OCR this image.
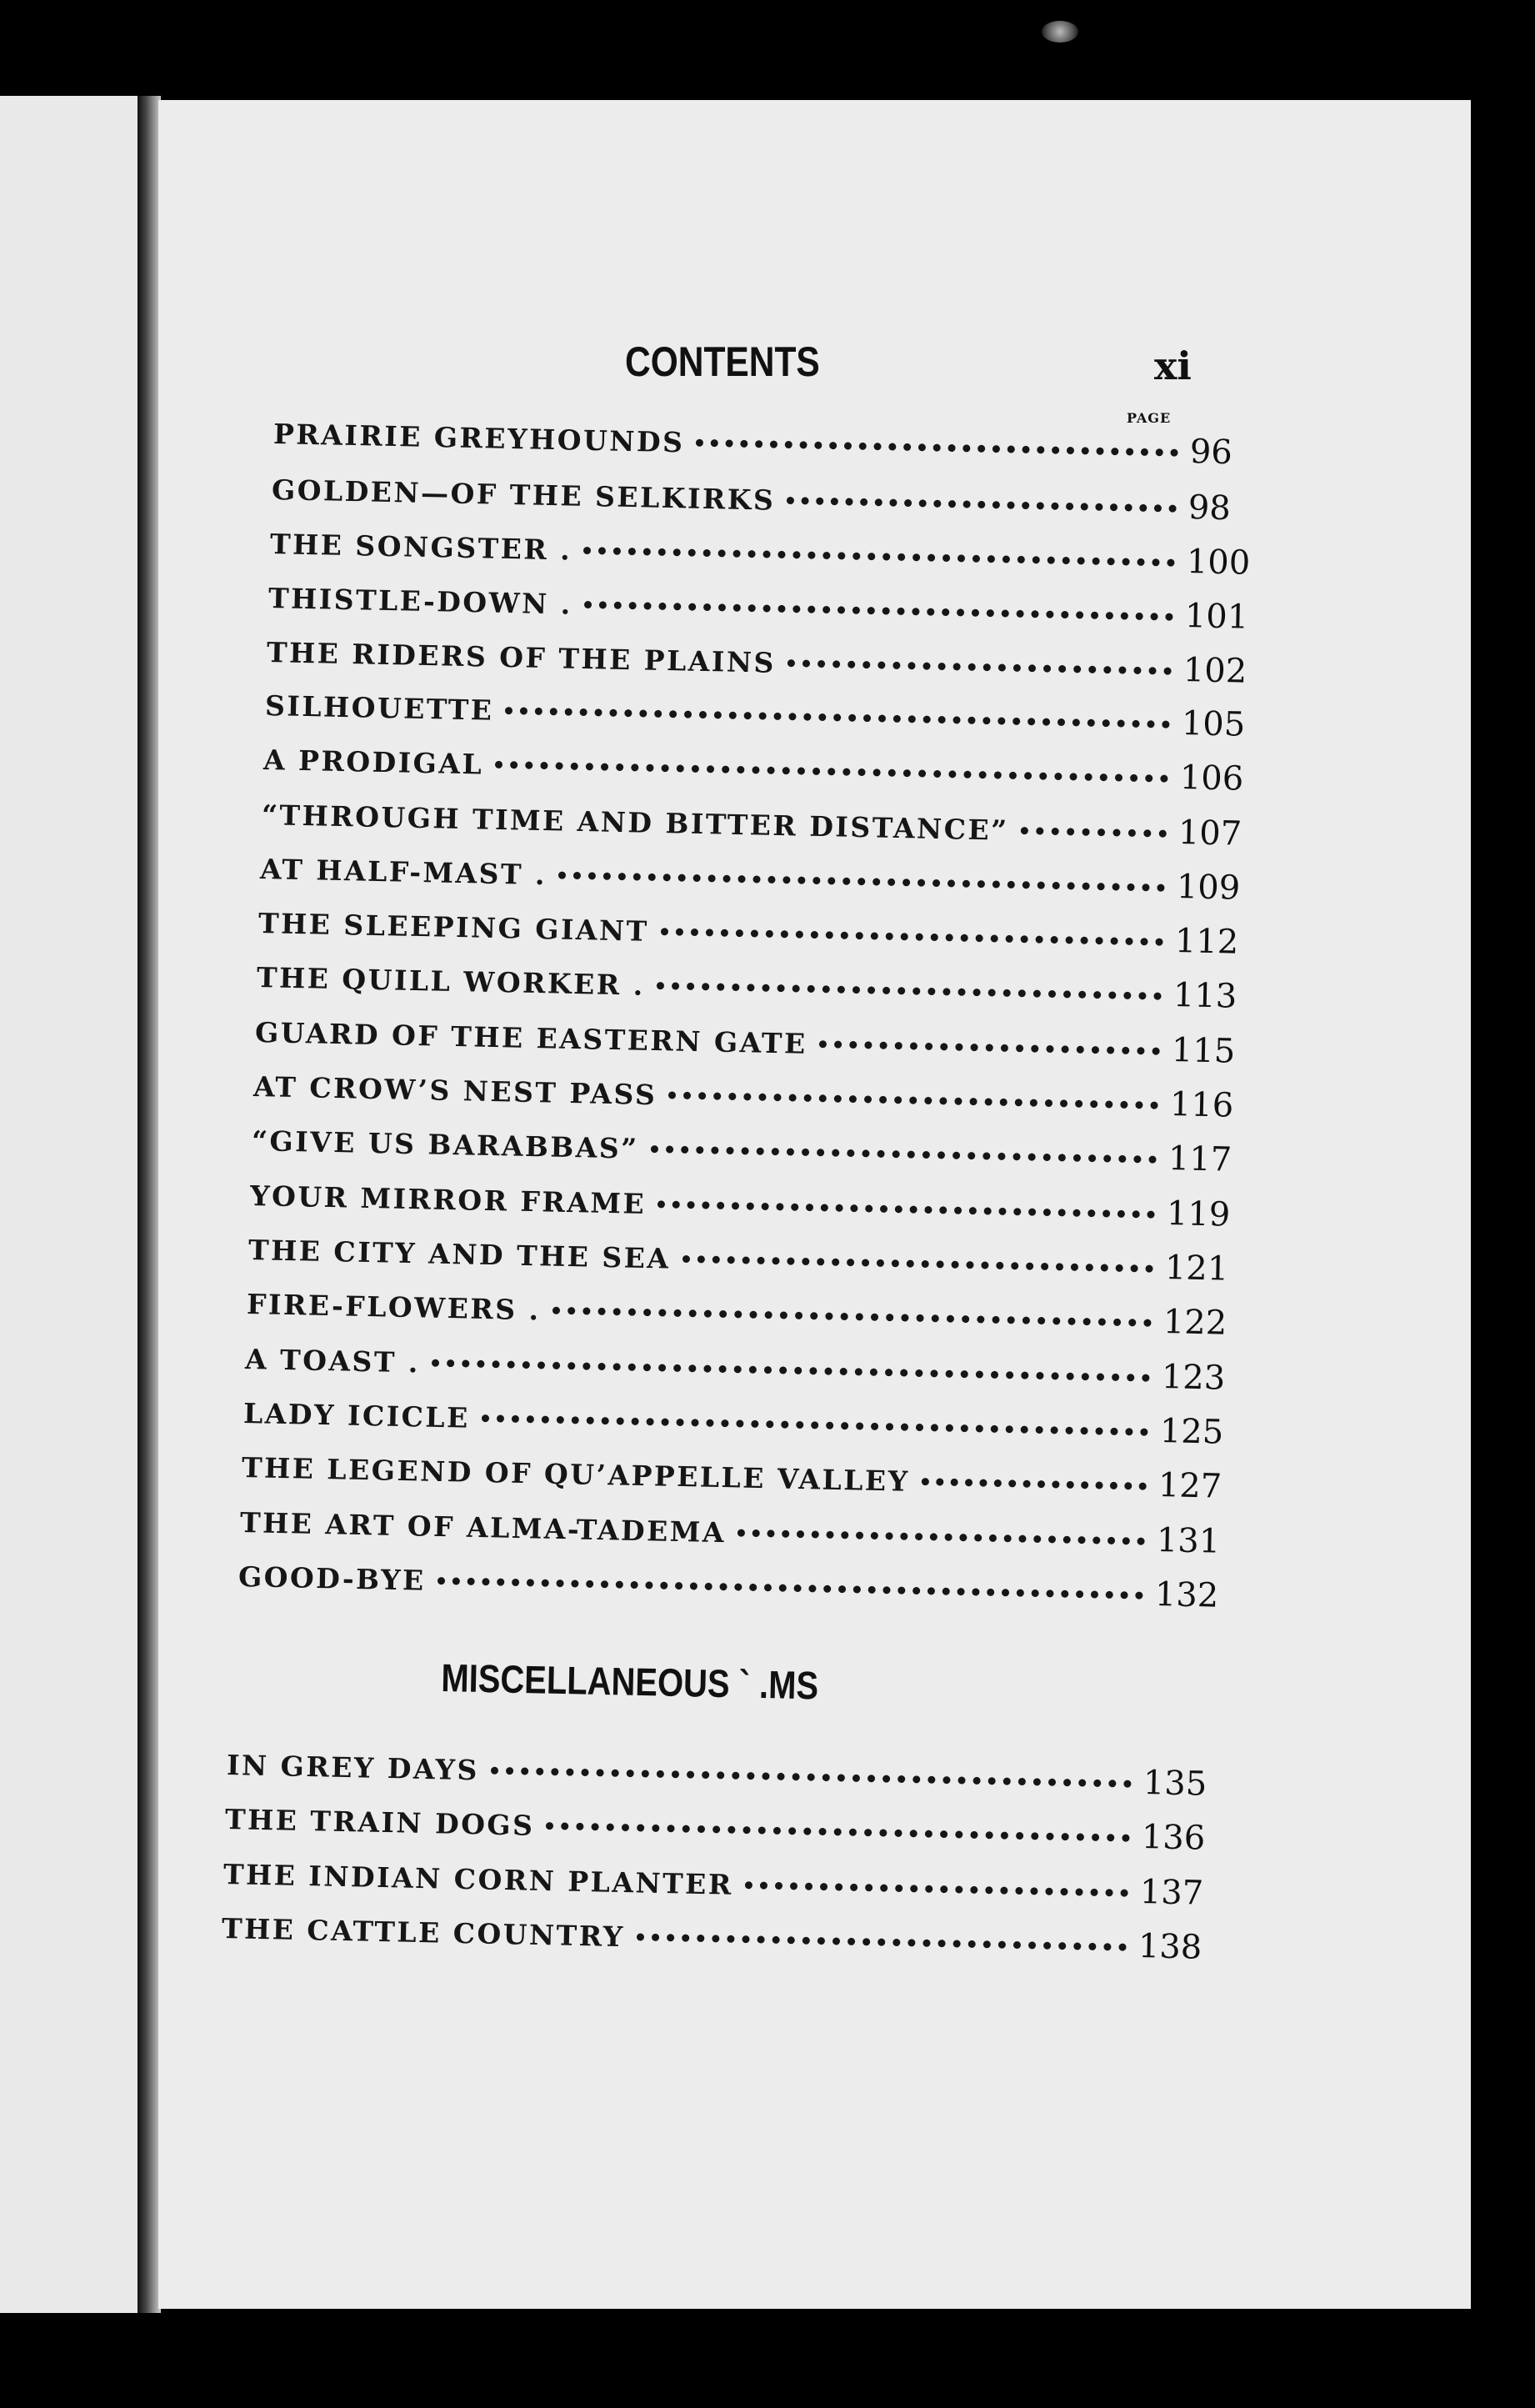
CONTENTS	xi
PAGE
PRAIRIE GREYHOUNDS	96
GOLDEN—OF THE SELKIRKS	98
THE SONGSTER .	100
THISTLE-DOWN .	101
THE RIDERS OF THE PLAINS	102
SILHOUETTE	105
A PRODIGAL	106
“THROUGH TIME AND BITTER DISTANCE”	107
AT HALF-MAST .	109
THE SLEEPING GIANT	112
THE QUILL WORKER .	113
GUARD OF THE EASTERN GATE	115
AT CROW’S NEST PASS	116
“GIVE US BARABBAS”	117
YOUR MIRROR FRAME	119
THE CITY AND THE SEA	121
FIRE-FLOWERS .	122
A TOAST .	123
LADY ICICLE	125
THE LEGEND OF QU’APPELLE VALLEY	127
THE ART OF ALMA-TADEMA	131
GOOD-BYE	132
MISCELLANEOUS ` .MS
IN GREY DAYS	135
THE TRAIN DOGS	136
THE INDIAN CORN PLANTER	137
THE CATTLE COUNTRY	138
